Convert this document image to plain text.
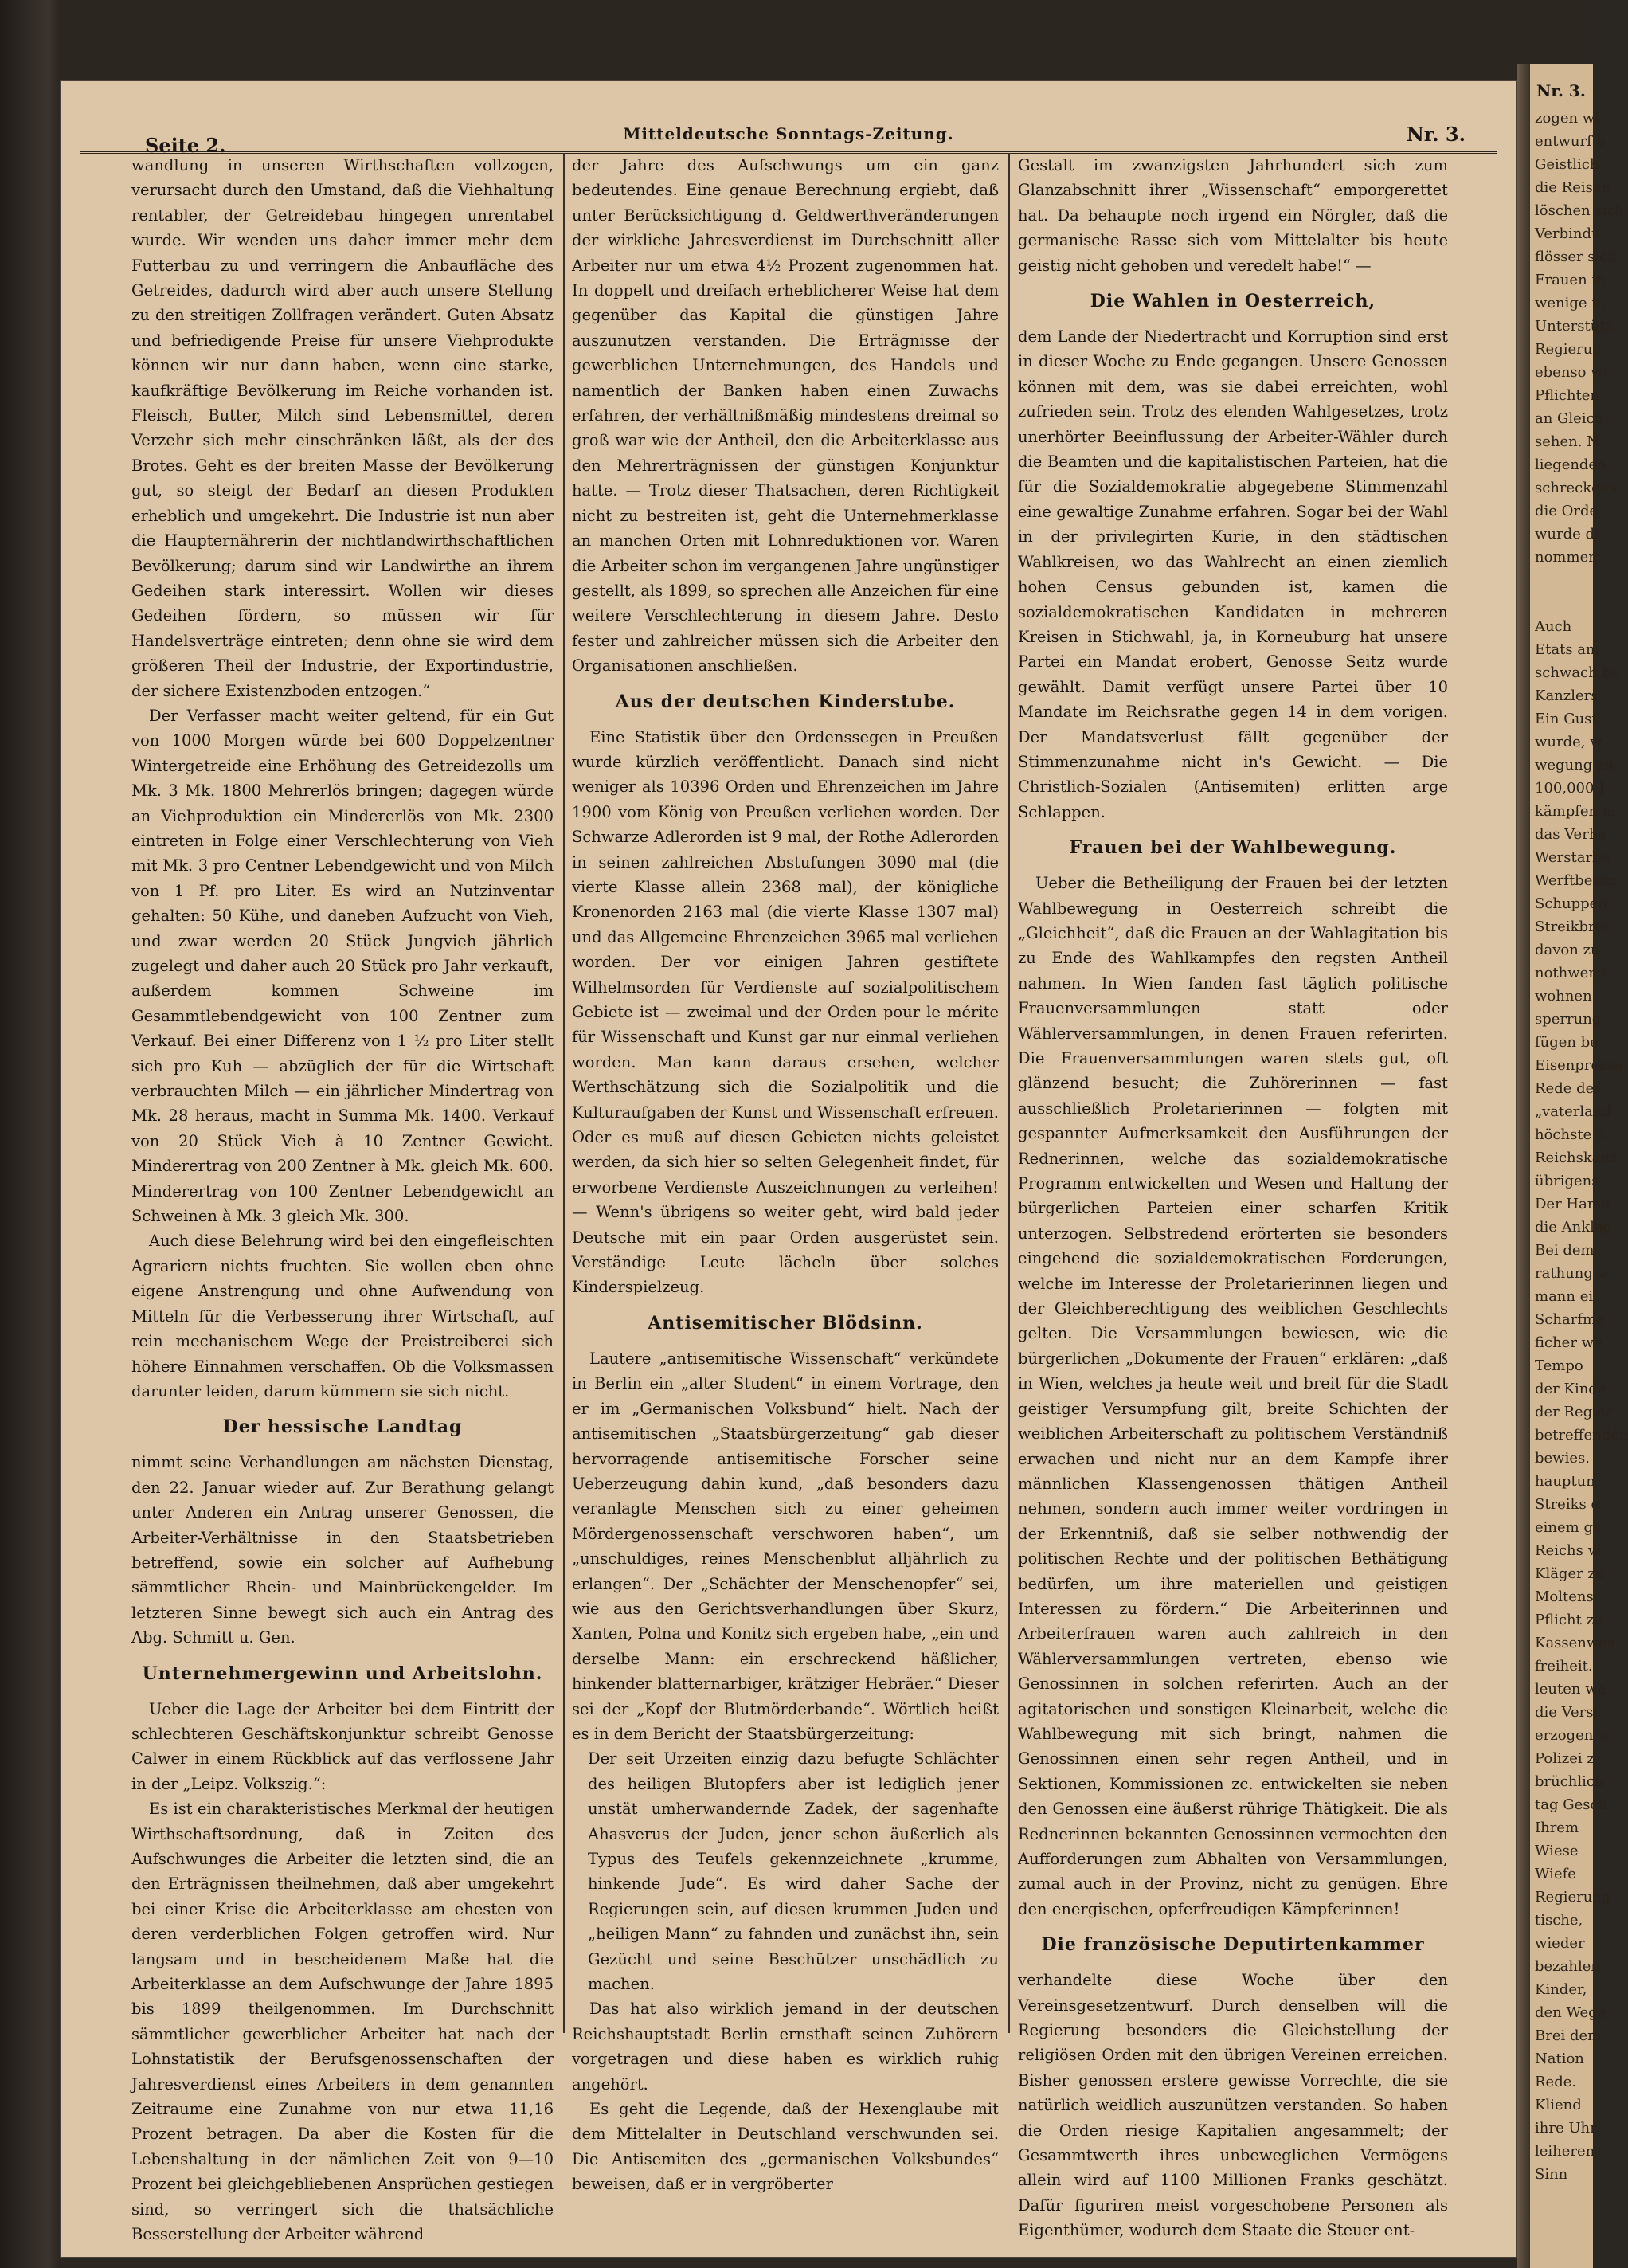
Nr. 3.
zogen wi
entwurf e
Geistlich
die Reisen
löschen sich
Verbindu
flösser sich
Frauen in
wenige in
Unterstütz
Regierun
ebenso wi
Pflichten
an Gleich
sehen. N
liegenden
schreckens
die Orde
wurde di
nommen

Auch
Etats am
schwach be
Kanzlers
Ein Gust
wurde, w
wegung zu
100,000 J
kämpfen m
das Verhä
Werstarbe
Werftbesitz
Schuppen
Streikbrec
davon zu
nothwend
wohnen
sperrung
fügen be
Eisenpresse
Rede des
„vaterland
höchste ü
Reichskanz
übrigens
Der Hamb
die Anklag
Bei dem
rathung w
mann ei
Scharfma
ficher we
Tempo
der Kinde
der Regier
betreffenden
bewies.
hauptun
Streiks e
einem ge
Reichs w
Kläger zu
Moltens
Pflicht zu
Kassenwes
freiheit.
leuten we
die Versi
erzogen w
Polizei z
brüchlich
tag Gesch
Ihrem
Wiese
Wiefe
Regierung
tische,
wieder
bezahlen
Kinder,
den Wege
Brei dem
Nation
Rede.
Kliend
ihre Uhr
leiheren
Sinn
Seite 2.	Mitteldeutsche Sonntags-Zeitung.	Nr. 3.

wandlung in unseren Wirthschaften vollzogen, verursacht durch den Umstand, daß die Viehhaltung rentabler, der Getreidebau hingegen unrentabel wurde. Wir wenden uns daher immer mehr dem Futterbau zu und verringern die Anbaufläche des Getreides, dadurch wird aber auch unsere Stellung zu den streitigen Zollfragen verändert. Guten Absatz und befriedigende Preise für unsere Viehprodukte können wir nur dann haben, wenn eine starke, kaufkräftige Bevölkerung im Reiche vorhanden ist. Fleisch, Butter, Milch sind Lebensmittel, deren Verzehr sich mehr einschränken läßt, als der des Brotes. Geht es der breiten Masse der Bevölkerung gut, so steigt der Bedarf an diesen Produkten erheblich und umgekehrt. Die Industrie ist nun aber die Haupternährerin der nichtlandwirthschaftlichen Bevölkerung; darum sind wir Landwirthe an ihrem Gedeihen stark interessirt. Wollen wir dieses Gedeihen fördern, so müssen wir für Handelsverträge eintreten; denn ohne sie wird dem größeren Theil der Industrie, der Exportindustrie, der sichere Existenzboden entzogen.“

Der Verfasser macht weiter geltend, für ein Gut von 1000 Morgen würde bei 600 Doppelzentner Wintergetreide eine Erhöhung des Getreidezolls um Mk. 3 Mk. 1800 Mehrerlös bringen; dagegen würde an Viehproduktion ein Mindererlös von Mk. 2300 eintreten in Folge einer Verschlechterung von Vieh mit Mk. 3 pro Centner Lebendgewicht und von Milch von 1 Pf. pro Liter. Es wird an Nutzinventar gehalten: 50 Kühe, und daneben Aufzucht von Vieh, und zwar werden 20 Stück Jungvieh jährlich zugelegt und daher auch 20 Stück pro Jahr verkauft, außerdem kommen Schweine im Gesammtlebendgewicht von 100 Zentner zum Verkauf. Bei einer Differenz von 1 ½ pro Liter stellt sich pro Kuh — abzüglich der für die Wirtschaft verbrauchten Milch — ein jährlicher Mindertrag von Mk. 28 heraus, macht in Summa Mk. 1400. Verkauf von 20 Stück Vieh à 10 Zentner Gewicht. Minderertrag von 200 Zentner à Mk. gleich Mk. 600. Minderertrag von 100 Zentner Lebendgewicht an Schweinen à Mk. 3 gleich Mk. 300.

Auch diese Belehrung wird bei den eingefleischten Agrariern nichts fruchten. Sie wollen eben ohne eigene Anstrengung und ohne Aufwendung von Mitteln für die Verbesserung ihrer Wirtschaft, auf rein mechanischem Wege der Preistreiberei sich höhere Einnahmen verschaffen. Ob die Volksmassen darunter leiden, darum kümmern sie sich nicht.

Der hessische Landtag

nimmt seine Verhandlungen am nächsten Dienstag, den 22. Januar wieder auf. Zur Berathung gelangt unter Anderen ein Antrag unserer Genossen, die Arbeiter-Verhältnisse in den Staatsbetrieben betreffend, sowie ein solcher auf Aufhebung sämmtlicher Rhein- und Mainbrückengelder. Im letzteren Sinne bewegt sich auch ein Antrag des Abg. Schmitt u. Gen.

Unternehmergewinn und Arbeitslohn.

Ueber die Lage der Arbeiter bei dem Eintritt der schlechteren Geschäftskonjunktur schreibt Genosse Calwer in einem Rückblick auf das verflossene Jahr in der „Leipz. Volkszig.“:

Es ist ein charakteristisches Merkmal der heutigen Wirthschaftsordnung, daß in Zeiten des Aufschwunges die Arbeiter die letzten sind, die an den Erträgnissen theilnehmen, daß aber umgekehrt bei einer Krise die Arbeiterklasse am ehesten von deren verderblichen Folgen getroffen wird. Nur langsam und in bescheidenem Maße hat die Arbeiterklasse an dem Aufschwunge der Jahre 1895 bis 1899 theilgenommen. Im Durchschnitt sämmtlicher gewerblicher Arbeiter hat nach der Lohnstatistik der Berufsgenossenschaften der Jahresverdienst eines Arbeiters in dem genannten Zeitraume eine Zunahme von nur etwa 11,16 Prozent betragen. Da aber die Kosten für die Lebenshaltung in der nämlichen Zeit von 9—10 Prozent bei gleichgebliebenen Ansprüchen gestiegen sind, so verringert sich die thatsächliche Besserstellung der Arbeiter während

der Jahre des Aufschwungs um ein ganz bedeutendes. Eine genaue Berechnung ergiebt, daß unter Berücksichtigung d. Geldwerthveränderungen der wirkliche Jahresverdienst im Durchschnitt aller Arbeiter nur um etwa 4½ Prozent zugenommen hat. In doppelt und dreifach erheblicherer Weise hat dem gegenüber das Kapital die günstigen Jahre auszunutzen verstanden. Die Erträgnisse der gewerblichen Unternehmungen, des Handels und namentlich der Banken haben einen Zuwachs erfahren, der verhältnißmäßig mindestens dreimal so groß war wie der Antheil, den die Arbeiterklasse aus den Mehrerträgnissen der günstigen Konjunktur hatte. — Trotz dieser Thatsachen, deren Richtigkeit nicht zu bestreiten ist, geht die Unternehmerklasse an manchen Orten mit Lohnreduktionen vor. Waren die Arbeiter schon im vergangenen Jahre ungünstiger gestellt, als 1899, so sprechen alle Anzeichen für eine weitere Verschlechterung in diesem Jahre. Desto fester und zahlreicher müssen sich die Arbeiter den Organisationen anschließen.

Aus der deutschen Kinderstube.

Eine Statistik über den Ordenssegen in Preußen wurde kürzlich veröffentlicht. Danach sind nicht weniger als 10396 Orden und Ehrenzeichen im Jahre 1900 vom König von Preußen verliehen worden. Der Schwarze Adlerorden ist 9 mal, der Rothe Adlerorden in seinen zahlreichen Abstufungen 3090 mal (die vierte Klasse allein 2368 mal), der königliche Kronenorden 2163 mal (die vierte Klasse 1307 mal) und das Allgemeine Ehrenzeichen 3965 mal verliehen worden. Der vor einigen Jahren gestiftete Wilhelmsorden für Verdienste auf sozialpolitischem Gebiete ist — zweimal und der Orden pour le mérite für Wissenschaft und Kunst gar nur einmal verliehen worden. Man kann daraus ersehen, welcher Werthschätzung sich die Sozialpolitik und die Kulturaufgaben der Kunst und Wissenschaft erfreuen. Oder es muß auf diesen Gebieten nichts geleistet werden, da sich hier so selten Gelegenheit findet, für erworbene Verdienste Auszeichnungen zu verleihen! — Wenn's übrigens so weiter geht, wird bald jeder Deutsche mit ein paar Orden ausgerüstet sein. Verständige Leute lächeln über solches Kinderspielzeug.

Antisemitischer Blödsinn.

Lautere „antisemitische Wissenschaft“ verkündete in Berlin ein „alter Student“ in einem Vortrage, den er im „Germanischen Volksbund“ hielt. Nach der antisemitischen „Staatsbürgerzeitung“ gab dieser hervorragende antisemitische Forscher seine Ueberzeugung dahin kund, „daß besonders dazu veranlagte Menschen sich zu einer geheimen Mördergenossenschaft verschworen haben“, um „unschuldiges, reines Menschenblut alljährlich zu erlangen“. Der „Schächter der Menschenopfer“ sei, wie aus den Gerichtsverhandlungen über Skurz, Xanten, Polna und Konitz sich ergeben habe, „ein und derselbe Mann: ein erschreckend häßlicher, hinkender blatternarbiger, krätziger Hebräer.“ Dieser sei der „Kopf der Blutmörderbande“. Wörtlich heißt es in dem Bericht der Staatsbürgerzeitung:

Der seit Urzeiten einzig dazu befugte Schlächter des heiligen Blutopfers aber ist lediglich jener unstät umherwandernde Zadek, der sagenhafte Ahasverus der Juden, jener schon äußerlich als Typus des Teufels gekennzeichnete „krumme, hinkende Jude“. Es wird daher Sache der Regierungen sein, auf diesen krummen Juden und „heiligen Mann“ zu fahnden und zunächst ihn, sein Gezücht und seine Beschützer unschädlich zu machen.

Das hat also wirklich jemand in der deutschen Reichshauptstadt Berlin ernsthaft seinen Zuhörern vorgetragen und diese haben es wirklich ruhig angehört.

Es geht die Legende, daß der Hexenglaube mit dem Mittelalter in Deutschland verschwunden sei. Die Antisemiten des „germanischen Volksbundes“ beweisen, daß er in vergröberter

Gestalt im zwanzigsten Jahrhundert sich zum Glanzabschnitt ihrer „Wissenschaft“ emporgerettet hat. Da behaupte noch irgend ein Nörgler, daß die germanische Rasse sich vom Mittelalter bis heute geistig nicht gehoben und veredelt habe!“ —

Die Wahlen in Oesterreich,

dem Lande der Niedertracht und Korruption sind erst in dieser Woche zu Ende gegangen. Unsere Genossen können mit dem, was sie dabei erreichten, wohl zufrieden sein. Trotz des elenden Wahlgesetzes, trotz unerhörter Beeinflussung der Arbeiter-Wähler durch die Beamten und die kapitalistischen Parteien, hat die für die Sozialdemokratie abgegebene Stimmenzahl eine gewaltige Zunahme erfahren. Sogar bei der Wahl in der privilegirten Kurie, in den städtischen Wahlkreisen, wo das Wahlrecht an einen ziemlich hohen Census gebunden ist, kamen die sozialdemokratischen Kandidaten in mehreren Kreisen in Stichwahl, ja, in Korneuburg hat unsere Partei ein Mandat erobert, Genosse Seitz wurde gewählt. Damit verfügt unsere Partei über 10 Mandate im Reichsrathe gegen 14 in dem vorigen. Der Mandatsverlust fällt gegenüber der Stimmenzunahme nicht in's Gewicht. — Die Christlich-Sozialen (Antisemiten) erlitten arge Schlappen.

Frauen bei der Wahlbewegung.

Ueber die Betheiligung der Frauen bei der letzten Wahlbewegung in Oesterreich schreibt die „Gleichheit“, daß die Frauen an der Wahlagitation bis zu Ende des Wahlkampfes den regsten Antheil nahmen. In Wien fanden fast täglich politische Frauenversammlungen statt oder Wählerversammlungen, in denen Frauen referirten. Die Frauenversammlungen waren stets gut, oft glänzend besucht; die Zuhörerinnen — fast ausschließlich Proletarierinnen — folgten mit gespannter Aufmerksamkeit den Ausführungen der Rednerinnen, welche das sozialdemokratische Programm entwickelten und Wesen und Haltung der bürgerlichen Parteien einer scharfen Kritik unterzogen. Selbstredend erörterten sie besonders eingehend die sozialdemokratischen Forderungen, welche im Interesse der Proletarierinnen liegen und der Gleichberechtigung des weiblichen Geschlechts gelten. Die Versammlungen bewiesen, wie die bürgerlichen „Dokumente der Frauen“ erklären: „daß in Wien, welches ja heute weit und breit für die Stadt geistiger Versumpfung gilt, breite Schichten der weiblichen Arbeiterschaft zu politischem Verständniß erwachen und nicht nur an dem Kampfe ihrer männlichen Klassengenossen thätigen Antheil nehmen, sondern auch immer weiter vordringen in der Erkenntniß, daß sie selber nothwendig der politischen Rechte und der politischen Bethätigung bedürfen, um ihre materiellen und geistigen Interessen zu fördern.“ Die Arbeiterinnen und Arbeiterfrauen waren auch zahlreich in den Wählerversammlungen vertreten, ebenso wie Genossinnen in solchen referirten. Auch an der agitatorischen und sonstigen Kleinarbeit, welche die Wahlbewegung mit sich bringt, nahmen die Genossinnen einen sehr regen Antheil, und in Sektionen, Kommissionen zc. entwickelten sie neben den Genossen eine äußerst rührige Thätigkeit. Die als Rednerinnen bekannten Genossinnen vermochten den Aufforderungen zum Abhalten von Versammlungen, zumal auch in der Provinz, nicht zu genügen. Ehre den energischen, opferfreudigen Kämpferinnen!

Die französische Deputirtenkammer

verhandelte diese Woche über den Vereinsgesetzentwurf. Durch denselben will die Regierung besonders die Gleichstellung der religiösen Orden mit den übrigen Vereinen erreichen. Bisher genossen erstere gewisse Vorrechte, die sie natürlich weidlich auszunützen verstanden. So haben die Orden riesige Kapitalien angesammelt; der Gesammtwerth ihres unbeweglichen Vermögens allein wird auf 1100 Millionen Franks geschätzt. Dafür figuriren meist vorgeschobene Personen als Eigenthümer, wodurch dem Staate die Steuer ent-
